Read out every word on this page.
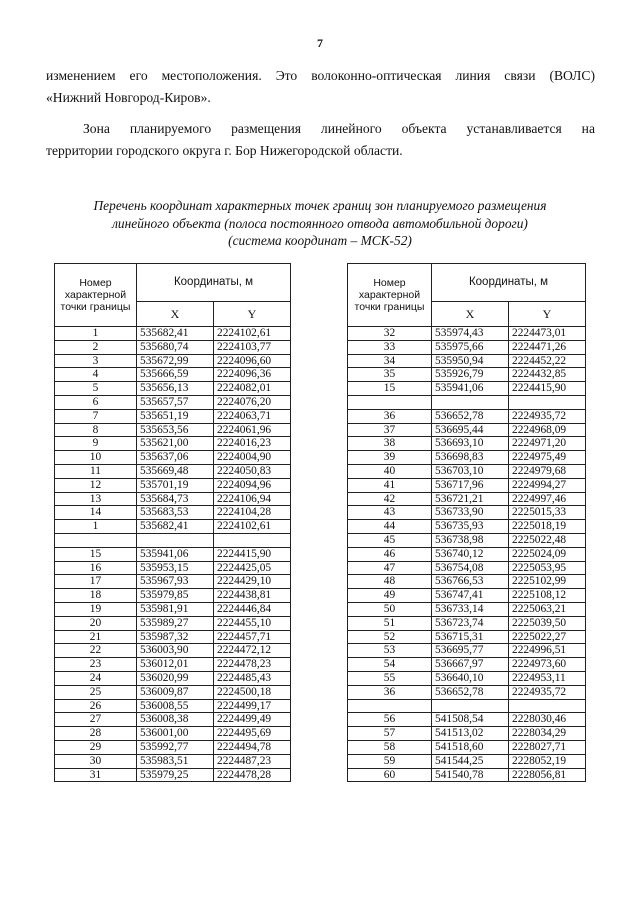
7
изменением его местоположения. Это волоконно-оптическая линия связи (ВОЛС)
«Нижний Новгород-Киров».
Зона планируемого размещения линейного объекта устанавливается на
территории городского округа г. Бор Нижегородской области.
Перечень координат характерных точек границ зон планируемого размещения
линейного объекта (полоса постоянного отвода автомобильной дороги)
(система координат – МСК-52)
Номер характерной точки границы	Координаты, м	
	X	Y
1	535682,41	2224102,61
2	535680,74	2224103,77
3	535672,99	2224096,60
4	535666,59	2224096,36
5	535656,13	2224082,01
6	535657,57	2224076,20
7	535651,19	2224063,71
8	535653,56	2224061,96
9	535621,00	2224016,23
10	535637,06	2224004,90
11	535669,48	2224050,83
12	535701,19	2224094,96
13	535684,73	2224106,94
14	535683,53	2224104,28
1	535682,41	2224102,61

15	535941,06	2224415,90
16	535953,15	2224425,05
17	535967,93	2224429,10
18	535979,85	2224438,81
19	535981,91	2224446,84
20	535989,27	2224455,10
21	535987,32	2224457,71
22	536003,90	2224472,12
23	536012,01	2224478,23
24	536020,99	2224485,43
25	536009,87	2224500,18
26	536008,55	2224499,17
27	536008,38	2224499,49
28	536001,00	2224495,69
29	535992,77	2224494,78
30	535983,51	2224487,23
31	535979,25	2224478,28
Номер характерной точки границы	Координаты, м	
	X	Y
32	535974,43	2224473,01
33	535975,66	2224471,26
34	535950,94	2224452,22
35	535926,79	2224432,85
15	535941,06	2224415,90

36	536652,78	2224935,72
37	536695,44	2224968,09
38	536693,10	2224971,20
39	536698,83	2224975,49
40	536703,10	2224979,68
41	536717,96	2224994,27
42	536721,21	2224997,46
43	536733,90	2225015,33
44	536735,93	2225018,19
45	536738,98	2225022,48
46	536740,12	2225024,09
47	536754,08	2225053,95
48	536766,53	2225102,99
49	536747,41	2225108,12
50	536733,14	2225063,21
51	536723,74	2225039,50
52	536715,31	2225022,27
53	536695,77	2224996,51
54	536667,97	2224973,60
55	536640,10	2224953,11
36	536652,78	2224935,72

56	541508,54	2228030,46
57	541513,02	2228034,29
58	541518,60	2228027,71
59	541544,25	2228052,19
60	541540,78	2228056,81
